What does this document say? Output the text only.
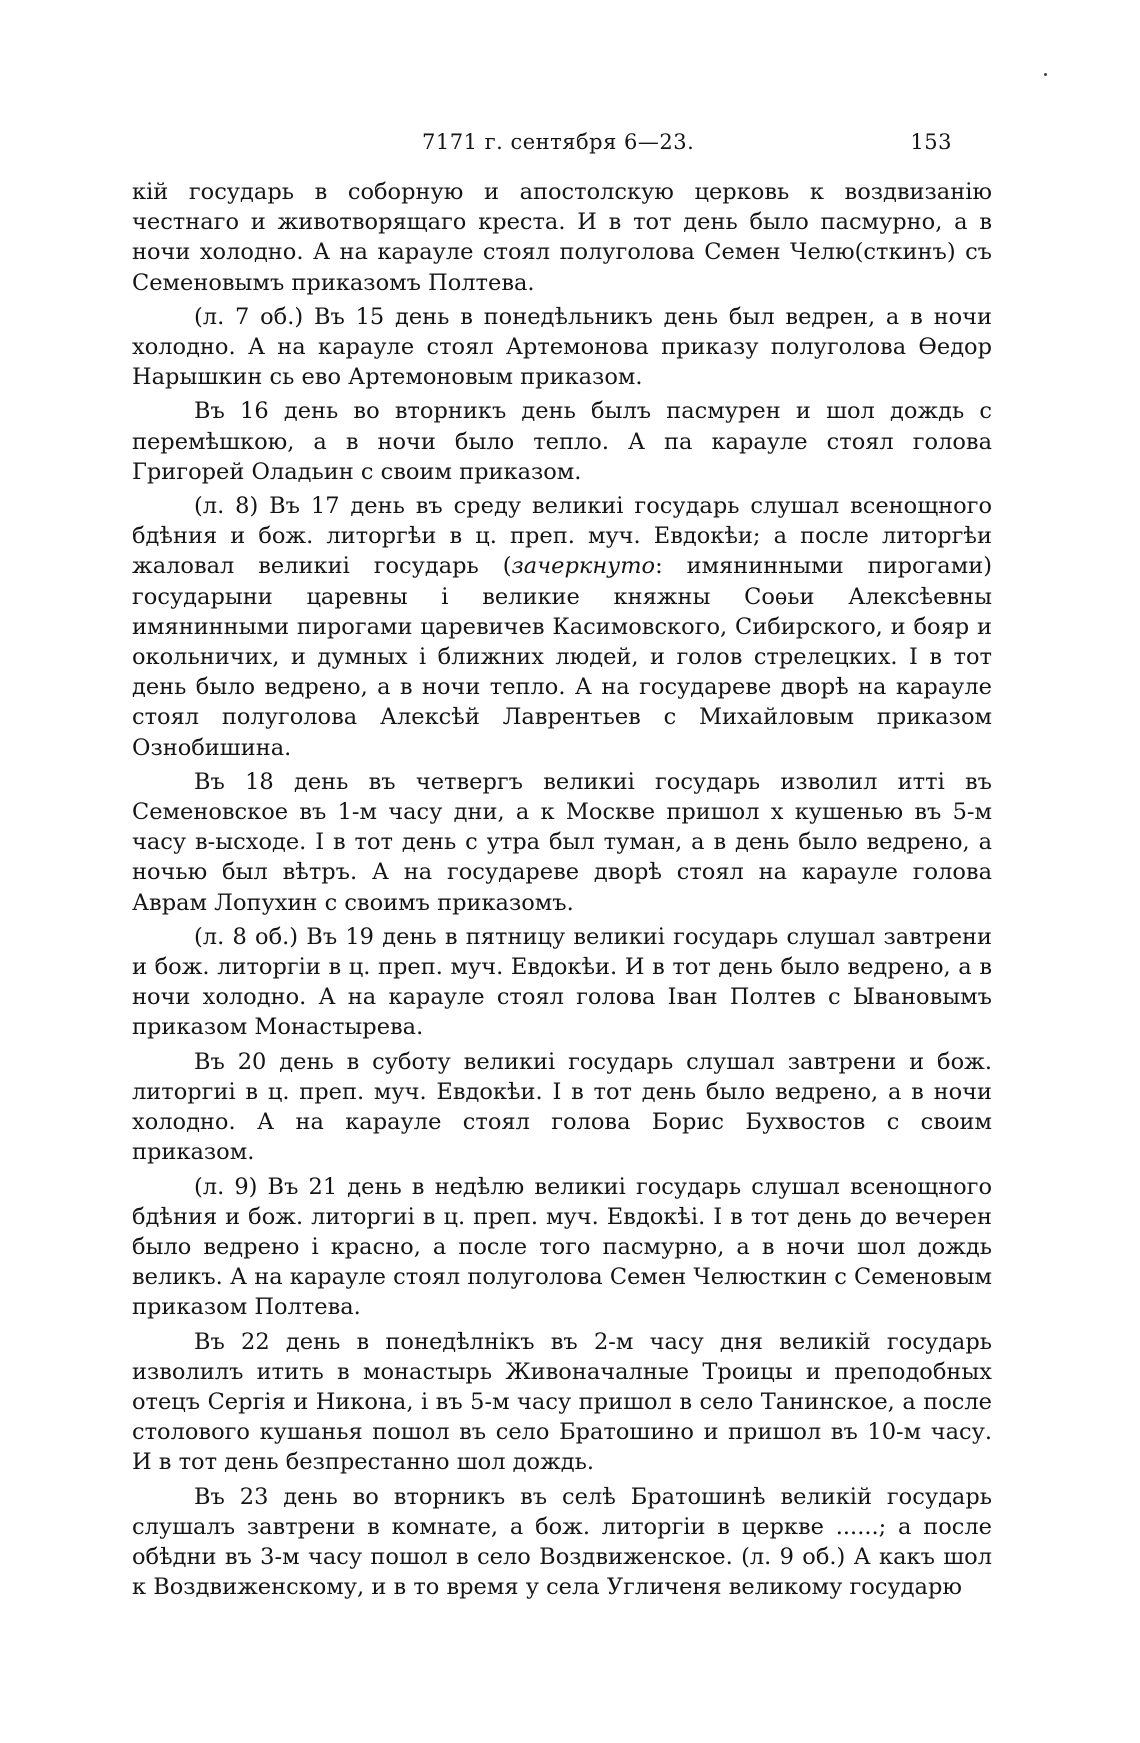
7171 г. сентября 6—23.	153

кій государь в соборную и апостолскую церковь к воздвизанію честнаго и животворящаго креста. И в тот день было пасмурно, а в ночи холодно. А на карауле стоял полуголова Семен Челю(сткинъ) съ Семеновымъ приказомъ Полтева.

(л. 7 об.) Въ 15 день в понедѣльникъ день был ведрен, а в ночи холодно. А на карауле стоял Артемонова приказу полуголова Ѳедор Нарышкин сь ево Артемоновым приказом.

Въ 16 день во вторникъ день былъ пасмурен и шол дождь с перемѣшкою, а в ночи было тепло. А па карауле стоял голова Григорей Оладьин с своим приказом.

(л. 8) Въ 17 день въ среду великиі государь слушал всенощного бдѣния и бож. литоргѣи в ц. преп. муч. Евдокѣи; а после литоргѣи жаловал великиі государь (зачеркнуто: имянинными пирогами) государыни царевны і великие княжны Соѳьи Алексѣевны имянинными пирогами царевичев Касимовского, Сибирского, и бояр и окольничих, и думных і ближних людей, и голов стрелецких. І в тот день было ведрено, а в ночи тепло. А на государеве дворѣ на карауле стоял полуголова Алексѣй Лаврентьев с Михайловым приказом Ознобишина.

Въ 18 день въ четвергъ великиі государь изволил итті въ Семеновское въ 1-м часу дни, а к Москве пришол х кушенью въ 5-м часу в-ысходе. І в тот день с утра был туман, а в день было ведрено, а ночью был вѣтръ. А на государеве дворѣ стоял на карауле голова Аврам Лопухин с своимъ приказомъ.

(л. 8 об.) Въ 19 день в пятницу великиі государь слушал завтрени и бож. литоргіи в ц. преп. муч. Евдокѣи. И в тот день было ведрено, а в ночи холодно. А на карауле стоял голова Іван Полтев с Ывановымъ приказом Монастырева.

Въ 20 день в суботу великиі государь слушал завтрени и бож. литоргиі в ц. преп. муч. Евдокѣи. І в тот день было ведрено, а в ночи холодно. А на карауле стоял голова Борис Бухвостов с своим приказом.

(л. 9) Въ 21 день в недѣлю великиі государь слушал всенощного бдѣния и бож. литоргиі в ц. преп. муч. Евдокѣі. І в тот день до вечерен было ведрено і красно, а после того пасмурно, а в ночи шол дождь великъ. А на карауле стоял полуголова Семен Челюсткин с Семеновым приказом Полтева.

Въ 22 день в понедѣлнікъ въ 2-м часу дня великій государь изволилъ итить в монастырь Живоначалные Троицы и преподобных отецъ Сергія и Никона, і въ 5-м часу пришол в село Танинское, а после столового кушанья пошол въ село Братошино и пришол въ 10-м часу. И в тот день безпрестанно шол дождь.

Въ 23 день во вторникъ въ селѣ Братошинѣ великій государь слушалъ завтрени в комнате, а бож. литоргіи в церкве ......; а после обѣдни въ 3-м часу пошол в село Воздвиженское. (л. 9 об.) А какъ шол к Воздвиженскому, и в то время у села Угличеня великому государю
